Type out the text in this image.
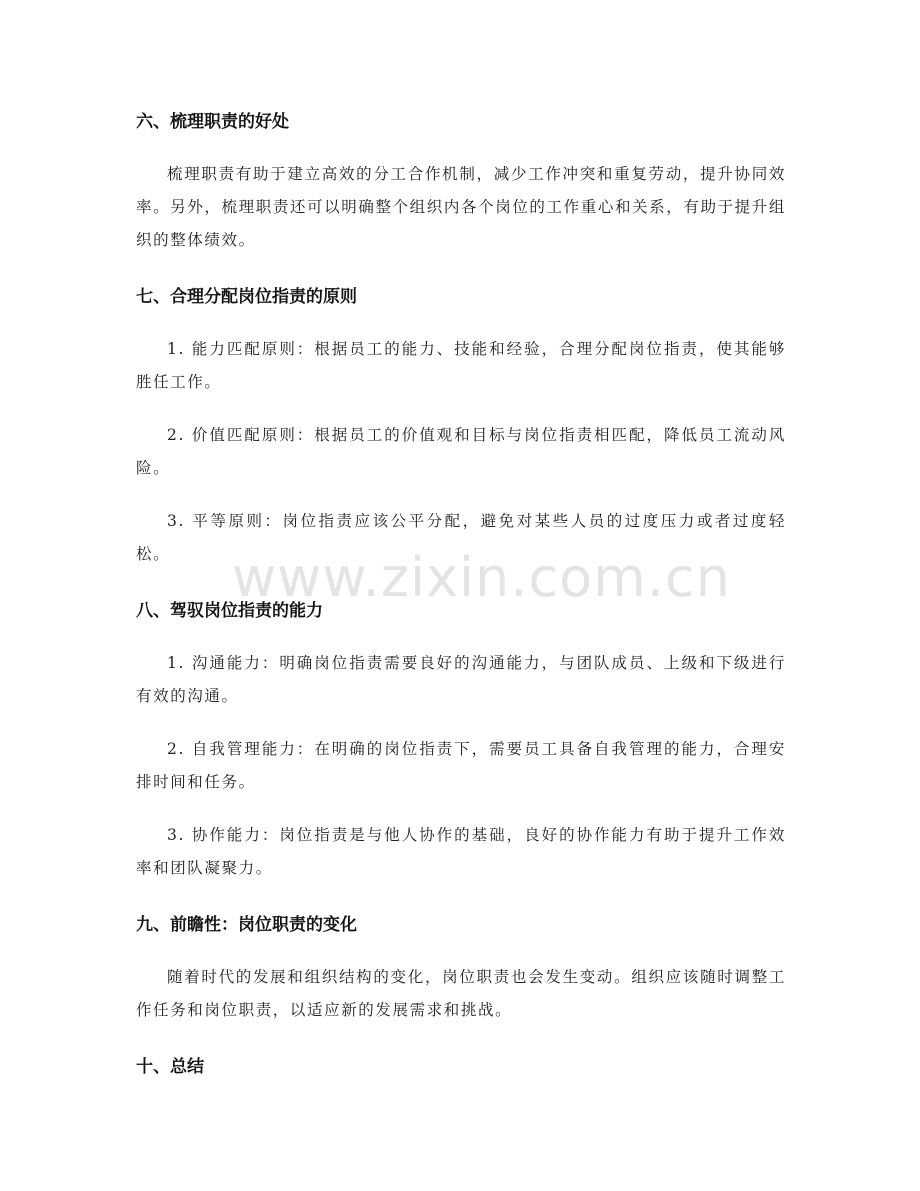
六、梳理职责的好处

梳理职责有助于建立高效的分工合作机制，减少工作冲突和重复劳动，提升协同效率。另外，梳理职责还可以明确整个组织内各个岗位的工作重心和关系，有助于提升组织的整体绩效。

七、合理分配岗位指责的原则

1. 能力匹配原则：根据员工的能力、技能和经验，合理分配岗位指责，使其能够胜任工作。

2. 价值匹配原则：根据员工的价值观和目标与岗位指责相匹配，降低员工流动风险。

3. 平等原则：岗位指责应该公平分配，避免对某些人员的过度压力或者过度轻松。

八、驾驭岗位指责的能力

1. 沟通能力：明确岗位指责需要良好的沟通能力，与团队成员、上级和下级进行有效的沟通。

2. 自我管理能力：在明确的岗位指责下，需要员工具备自我管理的能力，合理安排时间和任务。

3. 协作能力：岗位指责是与他人协作的基础，良好的协作能力有助于提升工作效率和团队凝聚力。

九、前瞻性：岗位职责的变化

随着时代的发展和组织结构的变化，岗位职责也会发生变动。组织应该随时调整工作任务和岗位职责，以适应新的发展需求和挑战。

十、总结
www.zixin.com.cn
